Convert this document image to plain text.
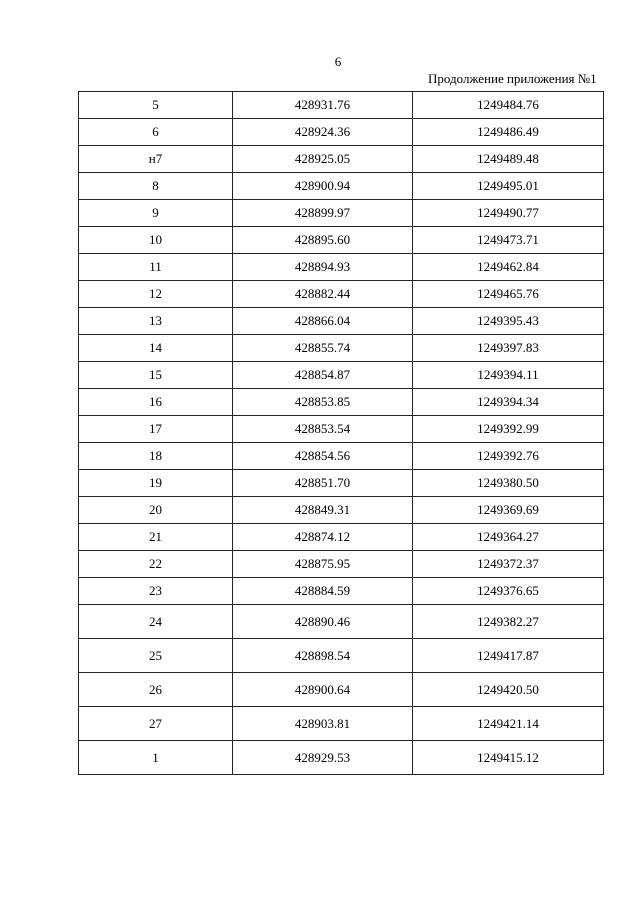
6
Продолжение приложения №1
5	428931.76	1249484.76
6	428924.36	1249486.49
н7	428925.05	1249489.48
8	428900.94	1249495.01
9	428899.97	1249490.77
10	428895.60	1249473.71
11	428894.93	1249462.84
12	428882.44	1249465.76
13	428866.04	1249395.43
14	428855.74	1249397.83
15	428854.87	1249394.11
16	428853.85	1249394.34
17	428853.54	1249392.99
18	428854.56	1249392.76
19	428851.70	1249380.50
20	428849.31	1249369.69
21	428874.12	1249364.27
22	428875.95	1249372.37
23	428884.59	1249376.65
24	428890.46	1249382.27
25	428898.54	1249417.87
26	428900.64	1249420.50
27	428903.81	1249421.14
1	428929.53	1249415.12
